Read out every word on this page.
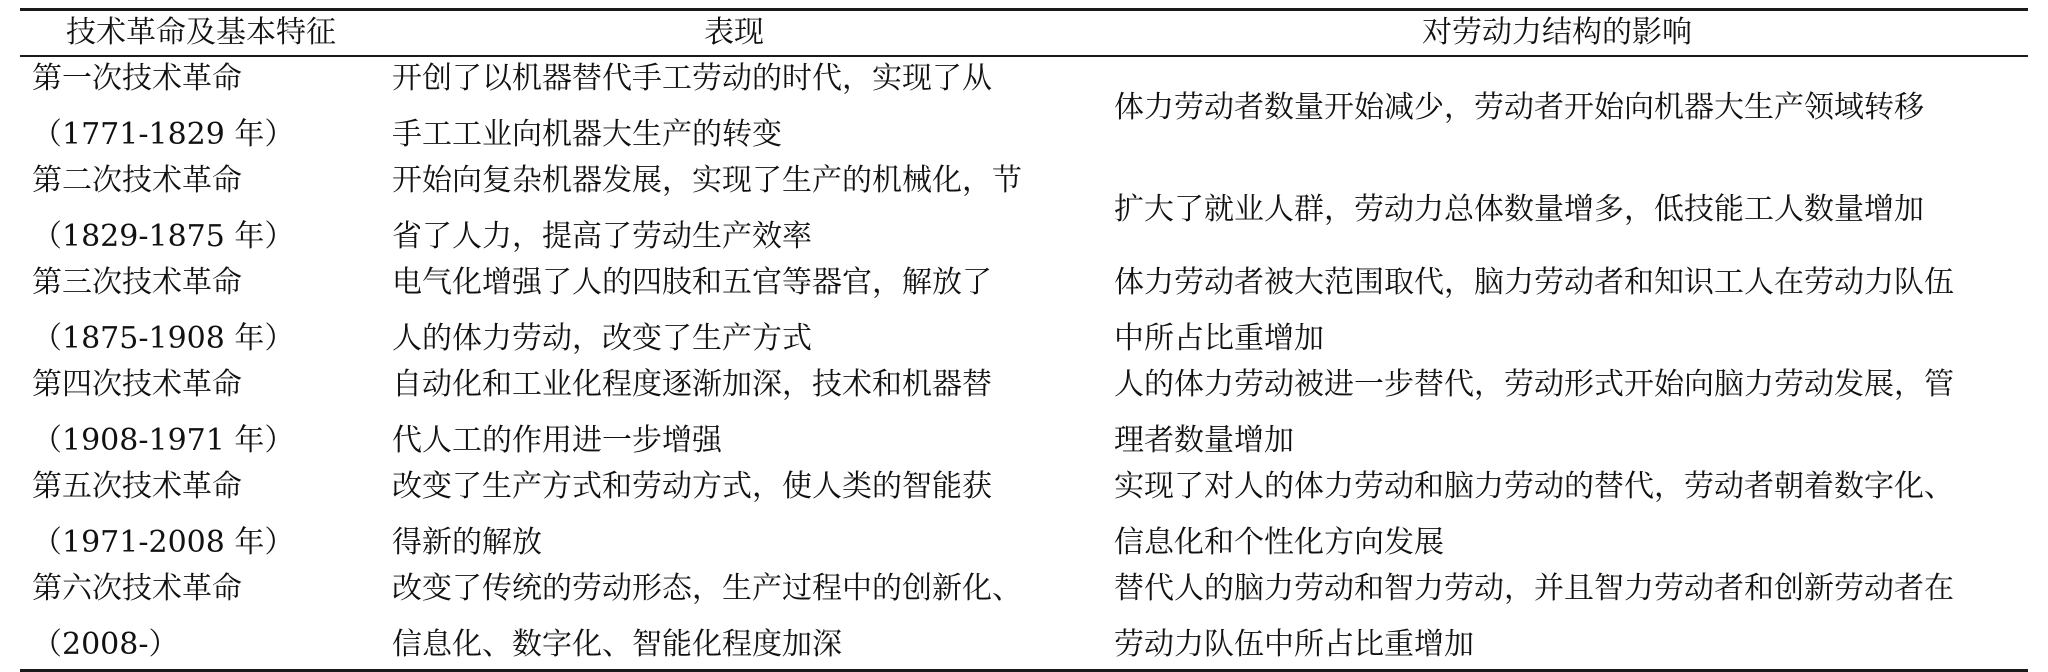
技术革命及基本特征	表现	对劳动力结构的影响
第一次技术革命
（1771-1829 年）
开创了以机器替代手工劳动的时代，实现了从
手工工业向机器大生产的转变
体力劳动者数量开始减少，劳动者开始向机器大生产领域转移
第二次技术革命
（1829-1875 年）
开始向复杂机器发展，实现了生产的机械化，节
省了人力，提高了劳动生产效率
扩大了就业人群，劳动力总体数量增多，低技能工人数量增加
第三次技术革命
（1875-1908 年）
电气化增强了人的四肢和五官等器官，解放了
人的体力劳动，改变了生产方式
体力劳动者被大范围取代，脑力劳动者和知识工人在劳动力队伍
中所占比重增加
第四次技术革命
（1908-1971 年）
自动化和工业化程度逐渐加深，技术和机器替
代人工的作用进一步增强
人的体力劳动被进一步替代，劳动形式开始向脑力劳动发展，管
理者数量增加
第五次技术革命
（1971-2008 年）
改变了生产方式和劳动方式，使人类的智能获
得新的解放
实现了对人的体力劳动和脑力劳动的替代，劳动者朝着数字化、
信息化和个性化方向发展
第六次技术革命
（2008-）
改变了传统的劳动形态，生产过程中的创新化、
信息化、数字化、智能化程度加深
替代人的脑力劳动和智力劳动，并且智力劳动者和创新劳动者在
劳动力队伍中所占比重增加
